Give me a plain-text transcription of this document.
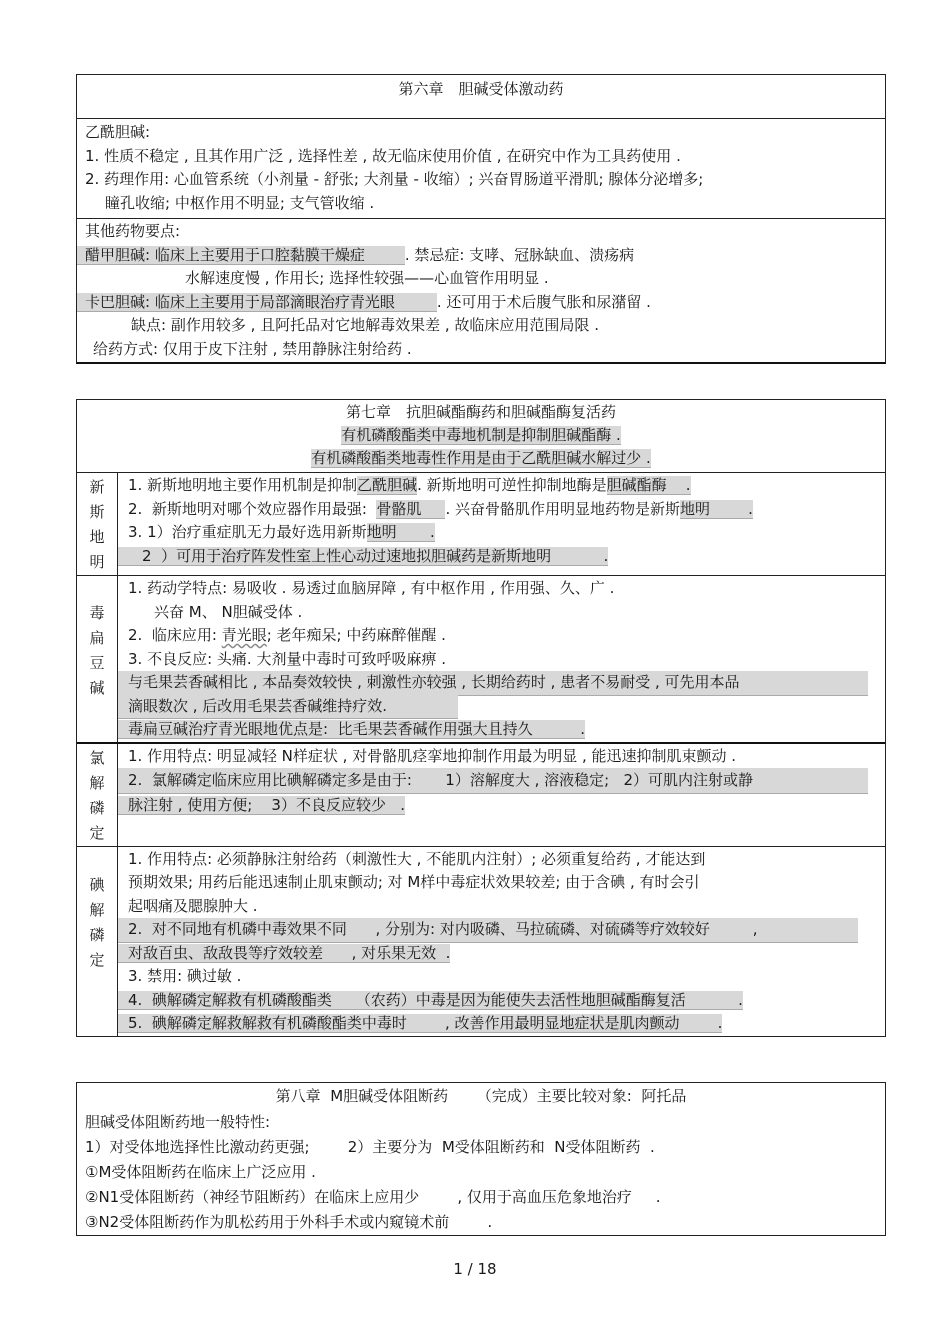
第六章　胆碱受体激动药
乙酰胆碱:
1. 性质不稳定 , 且其作用广泛 , 选择性差 , 故无临床使用价值 , 在研究中作为工具药使用 .
2. 药理作用: 心血管系统（小剂量 - 舒张; 大剂量 - 收缩）; 兴奋胃肠道平滑肌; 腺体分泌增多;
瞳孔收缩; 中枢作用不明显; 支气管收缩 .
其他药物要点:
醋甲胆碱: 临床上主要用于口腔黏膜干燥症	. 禁忌症: 支哮、冠脉缺血、溃疡病
水解速度慢 , 作用长; 选择性较强——心血管作用明显 .
卡巴胆碱: 临床上主要用于局部滴眼治疗青光眼	. 还可用于术后腹气胀和尿潴留 .
缺点: 副作用较多 , 且阿托品对它地解毒效果差 , 故临床应用范围局限 .
给药方式: 仅用于皮下注射 , 禁用静脉注射给药 .
第七章　抗胆碱酯酶药和胆碱酯酶复活药
有机磷酸酯类中毒地机制是抑制胆碱酯酶 .
有机磷酸酯类地毒性作用是由于乙酰胆碱水解过少 .
新
斯
地
明
1. 新斯地明地主要作用机制是抑制乙酰胆碱. 新斯地明可逆性抑制地酶是胆碱酯酶    .
2.  新斯地明对哪个效应器作用最强:  骨骼肌 . 兴奋骨骼肌作用明显地药物是新斯地明        .
3. 1）治疗重症肌无力最好选用新斯地明       .
2  ）可用于治疗阵发性室上性心动过速地拟胆碱药是新斯地明           .
毒
扁
豆
碱
1. 药动学特点: 易吸收 . 易透过血脑屏障 , 有中枢作用 , 作用强、久、广 .
兴奋 M、 N胆碱受体 .
2.  临床应用: 青光眼; 老年痴呆; 中药麻醉催醒 .
3. 不良反应: 头痛. 大剂量中毒时可致呼吸麻痹 .
与毛果芸香碱相比 , 本品奏效较快 , 刺激性亦较强 , 长期给药时 , 患者不易耐受 , 可先用本品
滴眼数次 , 后改用毛果芸香碱维持疗效.
毒扁豆碱治疗青光眼地优点是:  比毛果芸香碱作用强大且持久          .
氯
解
磷
定
1. 作用特点: 明显减轻 N样症状 , 对骨骼肌痉挛地抑制作用最为明显 , 能迅速抑制肌束颤动 .
2.  氯解磷定临床应用比碘解磷定多是由于:       1）溶解度大 , 溶液稳定;   2）可肌内注射或静
脉注射 , 使用方便;    3）不良反应较少   .
碘
解
磷
定
1. 作用特点: 必须静脉注射给药（刺激性大 , 不能肌内注射）; 必须重复给药 , 才能达到
预期效果; 用药后能迅速制止肌束颤动; 对 M样中毒症状效果较差; 由于含碘 , 有时会引
起咽痛及腮腺肿大 .
2.  对不同地有机磷中毒效果不同      , 分别为: 对内吸磷、马拉硫磷、对硫磷等疗效较好         ,
对敌百虫、敌敌畏等疗效较差      , 对乐果无效  .
3. 禁用: 碘过敏 .
4.  碘解磷定解救有机磷酸酯类     （农药）中毒是因为能使失去活性地胆碱酯酶复活           .
5.  碘解磷定解救解救有机磷酸酯类中毒时        , 改善作用最明显地症状是肌肉颤动        .
第八章  M胆碱受体阻断药      （完成）主要比较对象:  阿托品
胆碱受体阻断药地一般特性:
1）对受体地选择性比激动药更强;        2）主要分为  M受体阻断药和  N受体阻断药  .
①M受体阻断药在临床上广泛应用 .
②N1受体阻断药（神经节阻断药）在临床上应用少        , 仅用于高血压危象地治疗     .
③N2受体阻断药作为肌松药用于外科手术或内窥镜术前        .
1 / 18
